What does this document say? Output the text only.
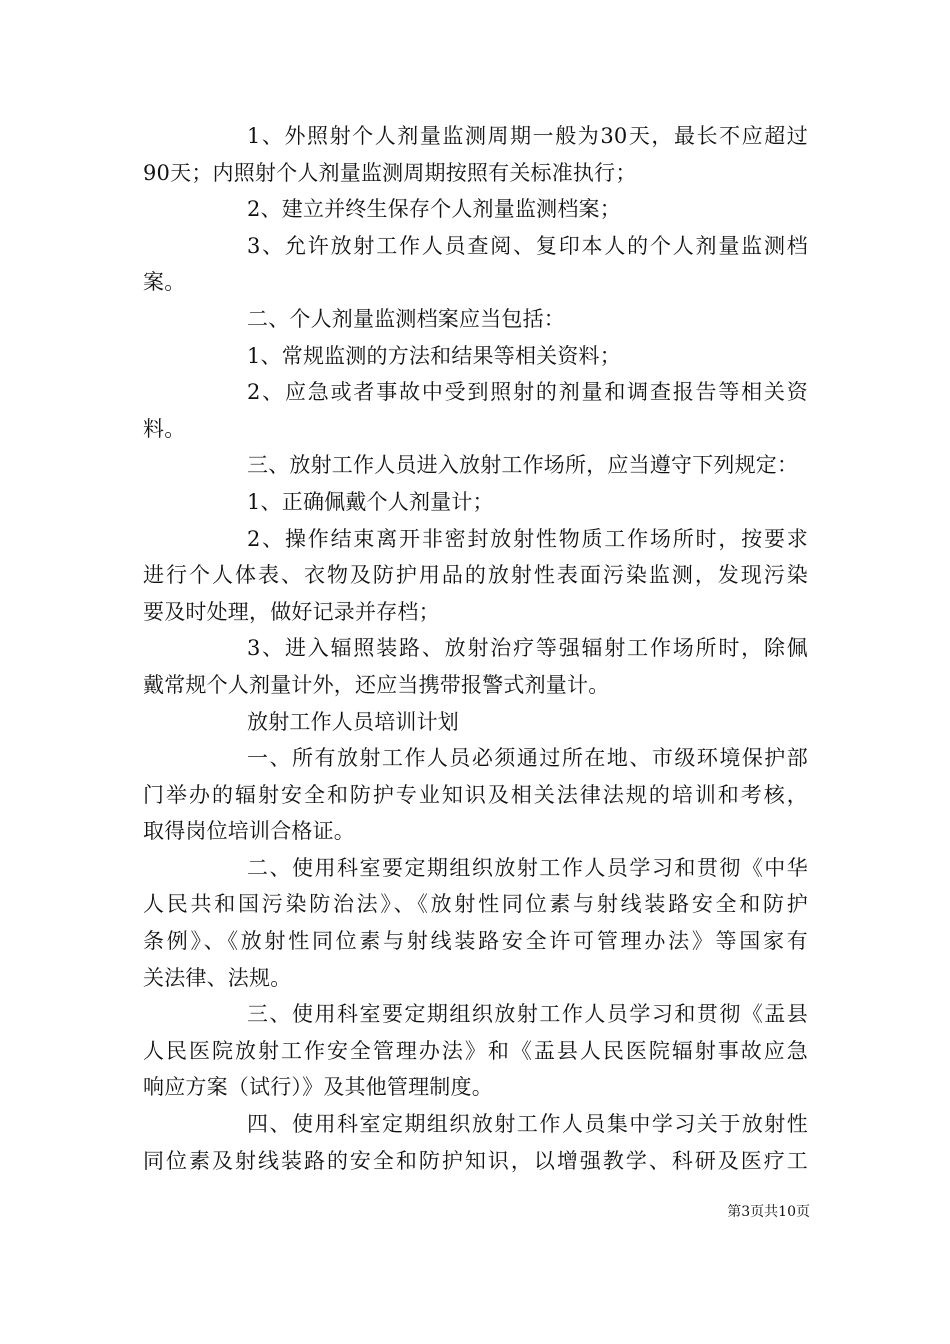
1、外照射个人剂量监测周期一般为30天，最长不应超过
90天；内照射个人剂量监测周期按照有关标准执行；
2、建立并终生保存个人剂量监测档案；
3、允许放射工作人员查阅、复印本人的个人剂量监测档
案。
二、个人剂量监测档案应当包括：
1、常规监测的方法和结果等相关资料；
2、应急或者事故中受到照射的剂量和调查报告等相关资
料。
三、放射工作人员进入放射工作场所，应当遵守下列规定：
1、正确佩戴个人剂量计；
2、操作结束离开非密封放射性物质工作场所时，按要求
进行个人体表、衣物及防护用品的放射性表面污染监测，发现污染
要及时处理，做好记录并存档；
3、进入辐照装路、放射治疗等强辐射工作场所时，除佩
戴常规个人剂量计外，还应当携带报警式剂量计。
放射工作人员培训计划
一、所有放射工作人员必须通过所在地、市级环境保护部
门举办的辐射安全和防护专业知识及相关法律法规的培训和考核，
取得岗位培训合格证。
二、使用科室要定期组织放射工作人员学习和贯彻《中华
人民共和国污染防治法》、《放射性同位素与射线装路安全和防护
条例》、《放射性同位素与射线装路安全许可管理办法》等国家有
关法律、法规。
三、使用科室要定期组织放射工作人员学习和贯彻《盂县
人民医院放射工作安全管理办法》和《盂县人民医院辐射事故应急
响应方案（试行）》及其他管理制度。
四、使用科室定期组织放射工作人员集中学习关于放射性
同位素及射线装路的安全和防护知识，以增强教学、科研及医疗工
第3页共10页
